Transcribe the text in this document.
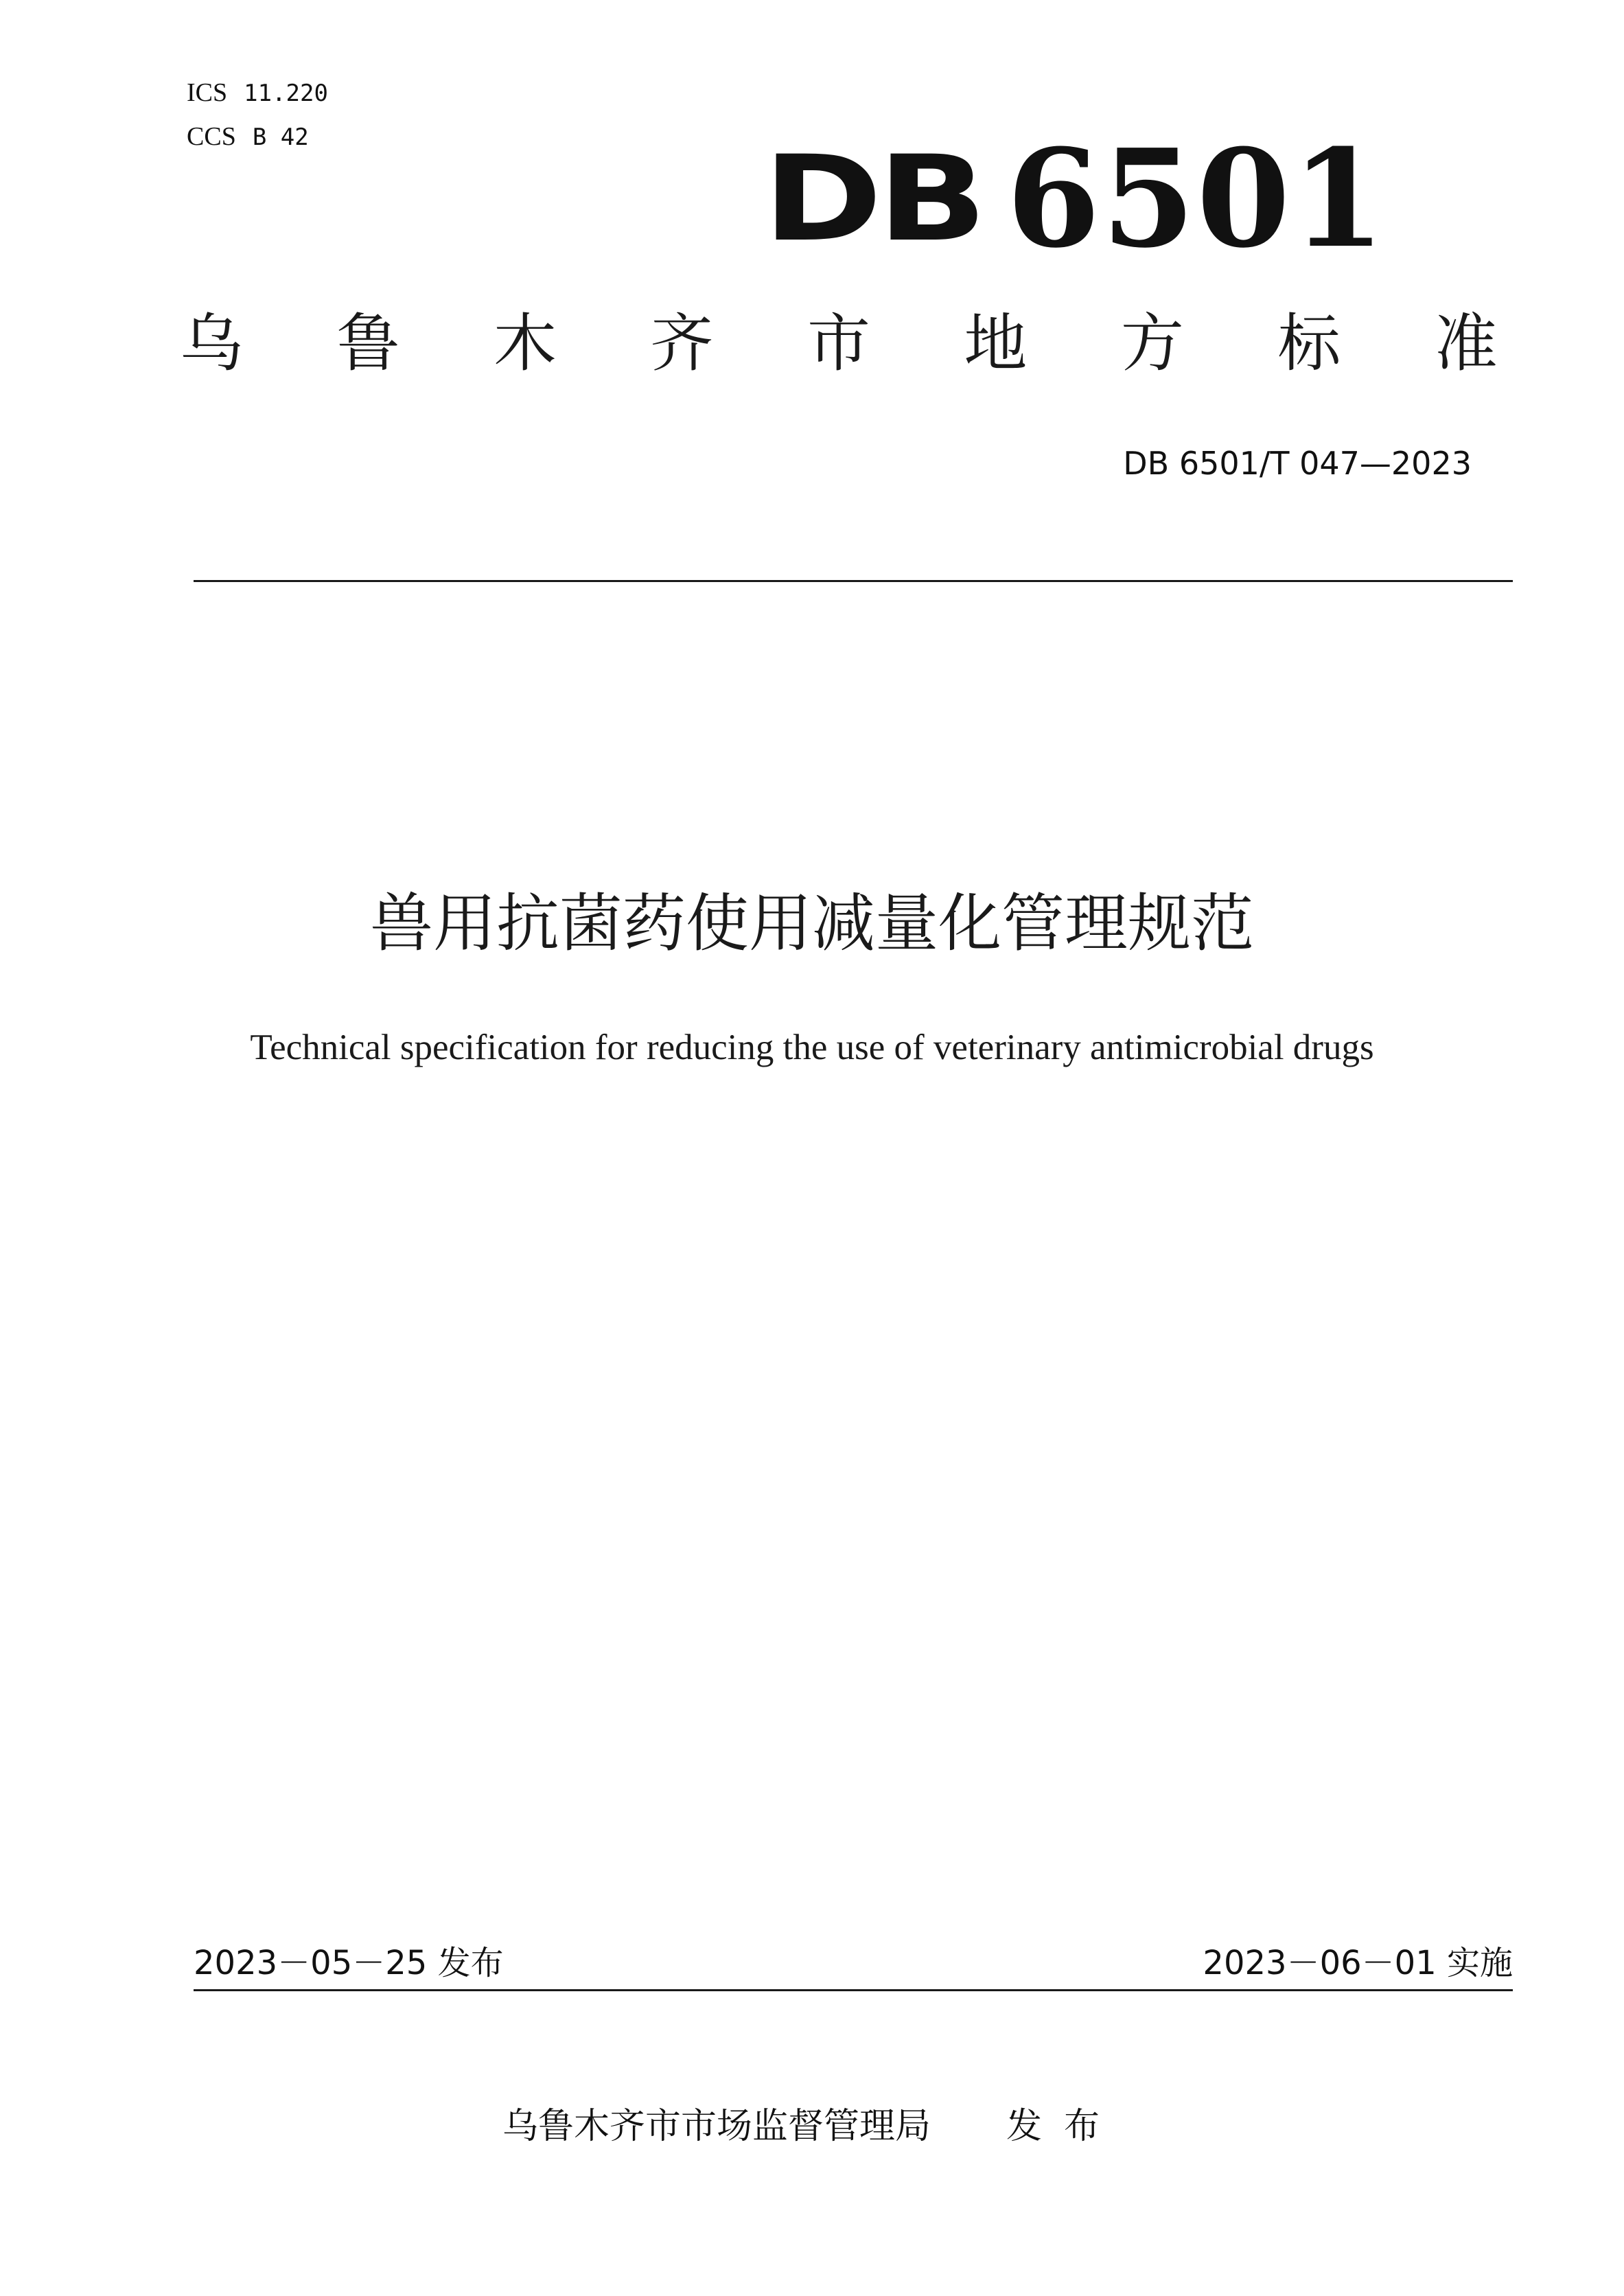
ICS 11.220
CCS B 42	DB 6501
乌 鲁 木 齐 市 地 方 标 准
DB 6501/T 047—2023
兽用抗菌药使用减量化管理规范
Technical specification for reducing the use of veterinary antimicrobial drugs
2023－05－25 发布	2023－06－01 实施
乌鲁木齐市市场监督管理局 发布
